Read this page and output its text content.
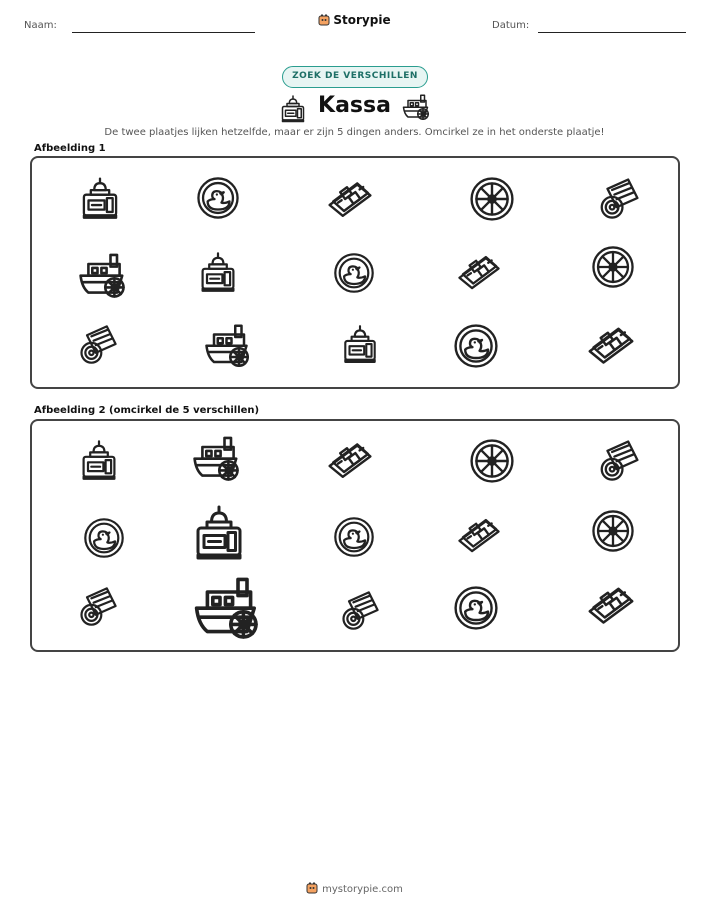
Naam:	Storypie	Datum:
ZOEK DE VERSCHILLEN
Kassa
De twee plaatjes lijken hetzelfde, maar er zijn 5 dingen anders. Omcirkel ze in het onderste plaatje!
Afbeelding 1
Afbeelding 2 (omcirkel de 5 verschillen)
mystorypie.com
